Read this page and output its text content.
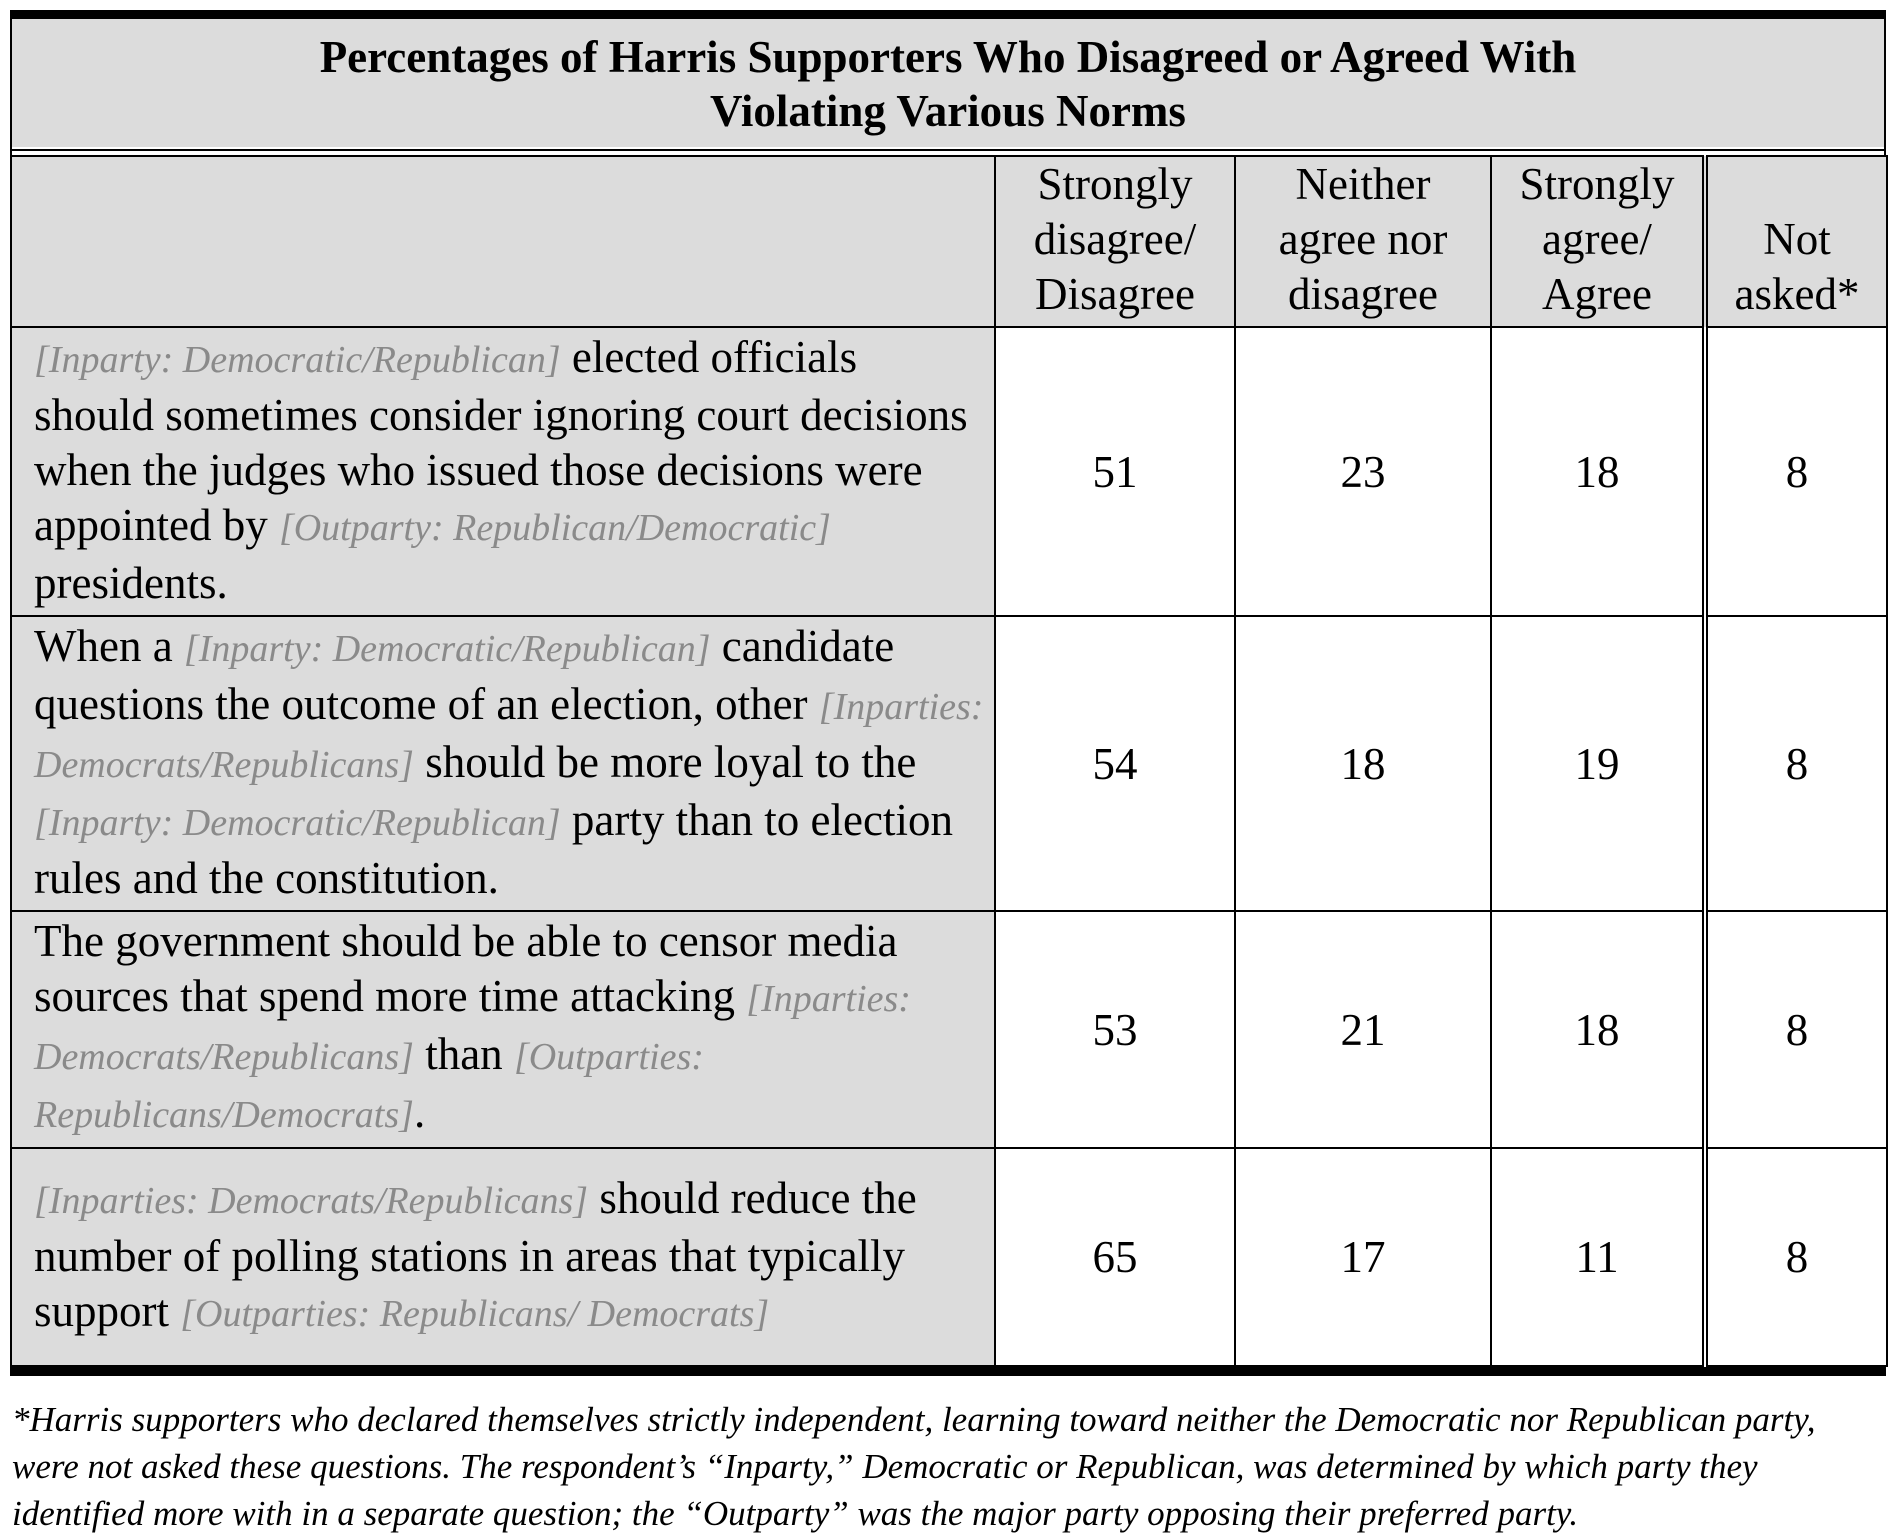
Percentages of Harris Supporters Who Disagreed or Agreed With
Violating Various Norms
	Strongly
disagree/
Disagree	Neither
agree nor
disagree	Strongly
agree/
Agree	Not
asked*
[Inparty: Democratic/Republican] elected officials should sometimes consider ignoring court decisions when the judges who issued those decisions were appointed by [Outparty: Republican/Democratic] presidents.	51	23	18	8
When a [Inparty: Democratic/Republican] candidate questions the outcome of an election, other [Inparties: Democrats/Republicans] should be more loyal to the [Inparty: Democratic/Republican] party than to election rules and the constitution.	54	18	19	8
The government should be able to censor media sources that spend more time attacking [Inparties: Democrats/Republicans] than [Outparties: Republicans/Democrats].	53	21	18	8
[Inparties: Democrats/Republicans] should reduce the number of polling stations in areas that typically support [Outparties: Republicans/ Democrats]	65	17	11	8
*Harris supporters who declared themselves strictly independent, learning toward neither the Democratic nor Republican party, were not asked these questions. The respondent’s “Inparty,” Democratic or Republican, was determined by which party they identified more with in a separate question; the “Outparty” was the major party opposing their preferred party.
